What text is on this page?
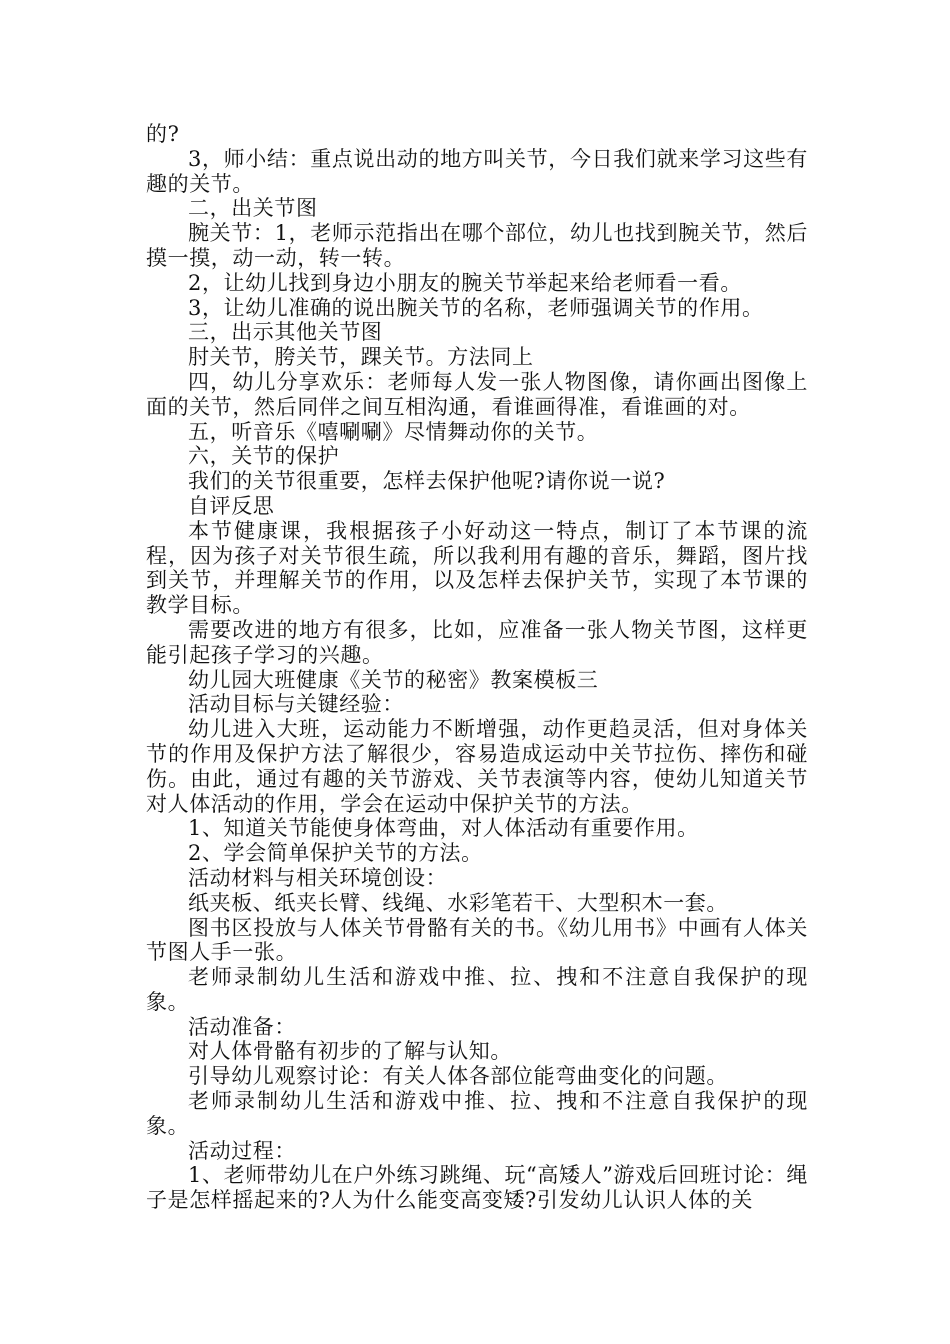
的?

3，师小结：重点说出动的地方叫关节，今日我们就来学习这些有趣的关节。

二，出关节图

腕关节：1，老师示范指出在哪个部位，幼儿也找到腕关节，然后摸一摸，动一动，转一转。

2，让幼儿找到身边小朋友的腕关节举起来给老师看一看。

3，让幼儿准确的说出腕关节的名称，老师强调关节的作用。

三，出示其他关节图

肘关节，胯关节，踝关节。方法同上

四，幼儿分享欢乐：老师每人发一张人物图像，请你画出图像上面的关节，然后同伴之间互相沟通，看谁画得准，看谁画的对。

五，听音乐《嘻唰唰》尽情舞动你的关节。

六，关节的保护

我们的关节很重要，怎样去保护他呢?请你说一说?

自评反思

本节健康课，我根据孩子小好动这一特点，制订了本节课的流程，因为孩子对关节很生疏，所以我利用有趣的音乐，舞蹈，图片找到关节，并理解关节的作用，以及怎样去保护关节，实现了本节课的教学目标。

需要改进的地方有很多，比如，应准备一张人物关节图，这样更能引起孩子学习的兴趣。

幼儿园大班健康《关节的秘密》教案模板三

活动目标与关键经验：

幼儿进入大班，运动能力不断增强，动作更趋灵活，但对身体关节的作用及保护方法了解很少，容易造成运动中关节拉伤、摔伤和碰伤。由此，通过有趣的关节游戏、关节表演等内容，使幼儿知道关节对人体活动的作用，学会在运动中保护关节的方法。

1、知道关节能使身体弯曲，对人体活动有重要作用。

2、学会简单保护关节的方法。

活动材料与相关环境创设：

纸夹板、纸夹长臂、线绳、水彩笔若干、大型积木一套。

图书区投放与人体关节骨骼有关的书。《幼儿用书》中画有人体关节图人手一张。

老师录制幼儿生活和游戏中推、拉、拽和不注意自我保护的现象。

活动准备：

对人体骨骼有初步的了解与认知。

引导幼儿观察讨论：有关人体各部位能弯曲变化的问题。

老师录制幼儿生活和游戏中推、拉、拽和不注意自我保护的现象。

活动过程：

1、老师带幼儿在户外练习跳绳、玩“高矮人”游戏后回班讨论：绳子是怎样摇起来的?人为什么能变高变矮?引发幼儿认识人体的关
